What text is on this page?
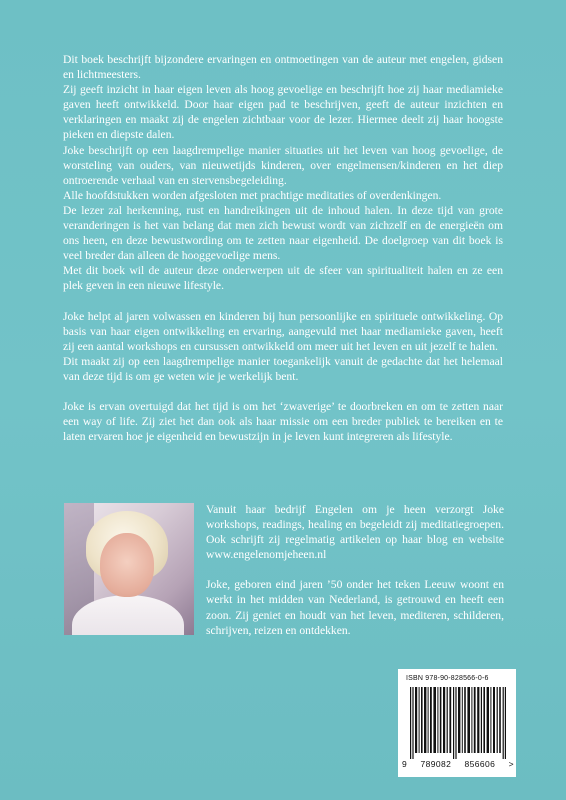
Dit boek beschrijft bijzondere ervaringen en ontmoetingen van de auteur met engelen, gidsen en lichtmeesters.

Zij geeft inzicht in haar eigen leven als hoog gevoelige en beschrijft hoe zij haar mediamieke gaven heeft ontwikkeld. Door haar eigen pad te beschrijven, geeft de auteur inzichten en verklaringen en maakt zij de engelen zichtbaar voor de lezer. Hiermee deelt zij haar hoogste pieken en diepste dalen.

Joke beschrijft op een laagdrempelige manier situaties uit het leven van hoog gevoelige, de worsteling van ouders, van nieuwetijds kinderen, over engelmensen/kinderen en het diep ontroerende verhaal van en stervensbegeleiding.

Alle hoofdstukken worden afgesloten met prachtige meditaties of overdenkingen.

De lezer zal herkenning, rust en handreikingen uit de inhoud halen. In deze tijd van grote veranderingen is het van belang dat men zich bewust wordt van zichzelf en de energieën om ons heen, en deze bewustwording om te zetten naar eigenheid. De doelgroep van dit boek is veel breder dan alleen de hooggevoelige mens.

Met dit boek wil de auteur deze onderwerpen uit de sfeer van spiritualiteit halen en ze een plek geven in een nieuwe lifestyle.

Joke helpt al jaren volwassen en kinderen bij hun persoonlijke en spirituele ontwikkeling. Op basis van haar eigen ontwikkeling en ervaring, aangevuld met haar mediamieke gaven, heeft zij een aantal workshops en cursussen ontwikkeld om meer uit het leven en uit jezelf te halen.

Dit maakt zij op een laagdrempelige manier toegankelijk vanuit de gedachte dat het helemaal van deze tijd is om ge weten wie je werkelijk bent.

Joke is ervan overtuigd dat het tijd is om het ‘zwaverige’ te doorbreken en om te zetten naar een way of life. Zij ziet het dan ook als haar missie om een breder publiek te bereiken en te laten ervaren hoe je eigenheid en bewustzijn in je leven kunt integreren als lifestyle.

Vanuit haar bedrijf Engelen om je heen verzorgt Joke workshops, readings, healing en begeleidt zij meditatiegroepen. Ook schrijft zij regelmatig artikelen op haar blog en website www.engelenomjeheen.nl

Joke, geboren eind jaren ’50 onder het teken Leeuw woont en werkt in het midden van Nederland, is getrouwd en heeft een zoon. Zij geniet en houdt van het leven, mediteren, schilderen, schrijven, reizen en ontdekken.

ISBN 978-90-828566-0-6
9 789082 856606 >
